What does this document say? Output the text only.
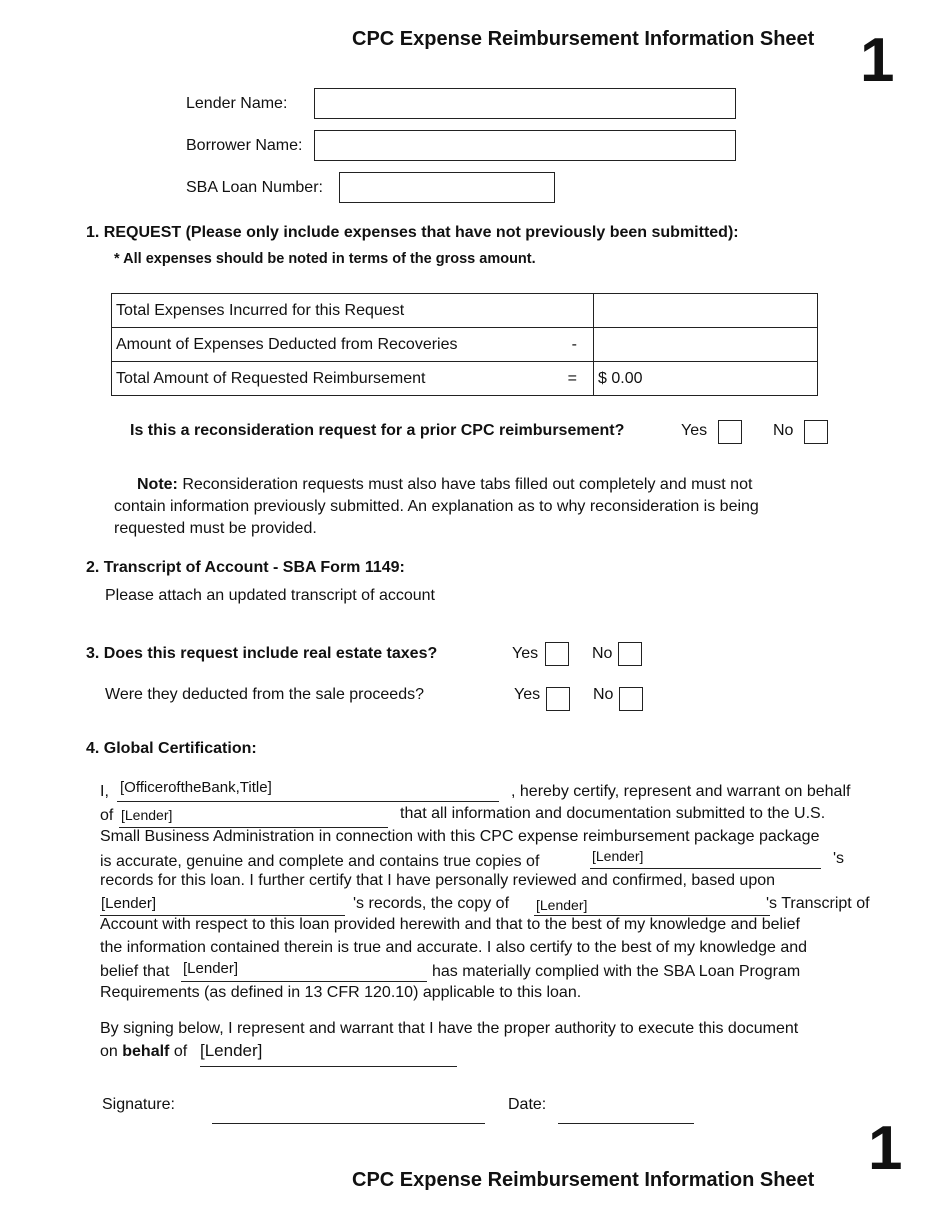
CPC Expense Reimbursement Information Sheet 1
Lender Name:
Borrower Name:
SBA Loan Number:
1. REQUEST (Please only include expenses that have not previously been submitted):
* All expenses should be noted in terms of the gross amount.
Total Expenses Incurred for this Request	
Amount of Expenses Deducted from Recoveries -	

Total Amount of Requested Reimbursement =	$ 0.00
Is this a reconsideration request for a prior CPC reimbursement?	Yes	No
Note: Reconsideration requests must also have tabs filled out completely and must not
contain information previously submitted. An explanation as to why reconsideration is being
requested must be provided.
2. Transcript of Account - SBA Form 1149:
Please attach an updated transcript of account
3. Does this request include real estate taxes?	Yes	No
Were they deducted from the sale proceeds?	Yes	No
4. Global Certification:
I, [OfficeroftheBank,Title]	, hereby certify, represent and warrant on behalf
of [Lender]	that all information and documentation submitted to the U.S.
Small Business Administration in connection with this CPC expense reimbursement package package
is accurate, genuine and complete and contains true copies of	[Lender]	's
records for this loan. I further certify that I have personally reviewed and confirmed, based upon
[Lender]	's records, the copy of [Lender]	's Transcript of
Account with respect to this loan provided herewith and that to the best of my knowledge and belief
the information contained therein is true and accurate. I also certify to the best of my knowledge and
belief that [Lender]	has materially complied with the SBA Loan Program
Requirements (as defined in 13 CFR 120.10) applicable to this loan.
By signing below, I represent and warrant that I have the proper authority to execute this document
on behalf of [Lender]
Signature:	Date:
1
CPC Expense Reimbursement Information Sheet
